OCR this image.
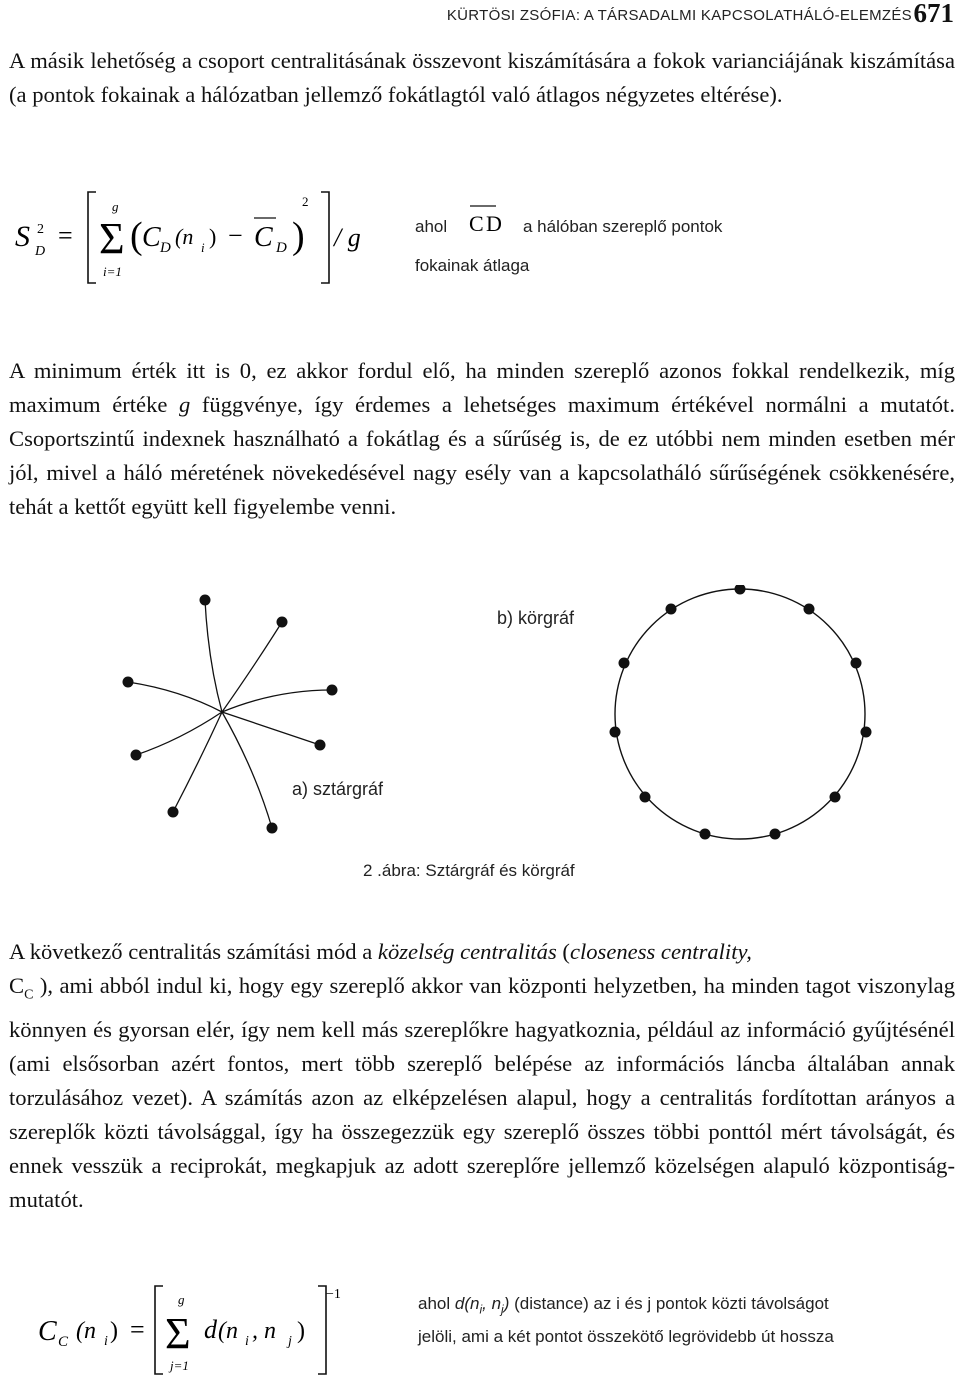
KÜRTÖSI ZSÓFIA: A TÁRSADALMI KAPCSOLATHÁLÓ-ELEMZÉS 671

A másik lehetőség a csoport centralitásának összevont kiszámítására a fokok varianciájának kiszámítása (a pontok fokainak a hálózatban jellemző fokátlagtól való átlagos négyzetes eltérése).

S 2
D
=
g
Σ
i=1
( C D (n i ) − C D )
2
/ g	ahol C D a hálóban szereplő pontok
fokainak átlaga

A minimum érték itt is 0, ez akkor fordul elő, ha minden szereplő azonos fokkal rendelkezik, míg maximum értéke g függvénye, így érdemes a lehetséges maximum értékével normálni a mutatót. Csoportszintű indexnek használható a fokátlag és a sűrűség is, de ez utóbbi nem minden esetben mér jól, mivel a háló méretének növekedésével nagy esély van a kapcsolatháló sűrűségének csökkenésére, tehát a kettőt együtt kell figyelembe venni.

b) körgráf
a) sztárgráf
2 .ábra: Sztárgráf és körgráf

A következő centralitás számítási mód a közelség centralitás (closeness centrality,
$C_C$ ), ami abból indul ki, hogy egy szereplő akkor van központi helyzetben, ha minden tagot viszonylag könnyen és gyorsan elér, így nem kell más szereplőkre hagyatkoznia, például az információ gyűjtésénél (ami elsősorban azért fontos, mert több szereplő belépése az információs láncba általában annak torzulásához vezet). A számítás azon az elképzelésen alapul, hogy a centralitás fordítottan arányos a szereplők közti távolsággal, így ha összegezzük egy szereplő összes többi ponttól mért távolságát, és ennek vesszük a reciprokát, megkapjuk az adott szereplőre jellemző közelségen alapuló központiság-mutatót.

C C (n i ) =
g
Σ
j=1
d (n i , n j )
−1	ahol $d(n_i$, $n_j$) (distance) az i és j pontok közti távolságot
jelöli, ami a két pontot összekötő legrövidebb út hossza
